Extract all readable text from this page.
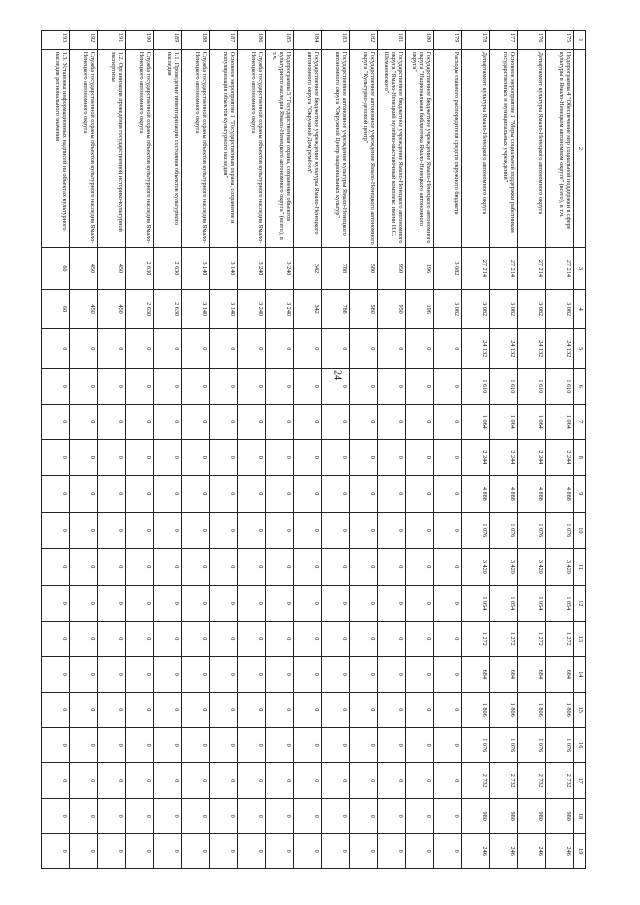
24
1	2	3	4	5	6	7	8	9	10	11	12	13	14	15	16	17	18	19
175	Подпрограмма 4 "Обеспечение мер социальной поддержки в сфере культуры в Ямало-Ненецком автономном округе" (всего), в т.ч.	27 214	3 082	24 132	1 610	1 064	2 244	4 888	1 076	3 420	1 054	1 272	684	1 806	1 076	2 732	980	246
176	Департамент культуры Ямало-Ненецкого автономного округа	27 214	3 082	24 132	1 610	1 064	2 244	4 888	1 076	3 420	1 054	1 272	684	1 806	1 076	2 732	980	246
177	Основное мероприятие 1 "Меры социальной поддержки работникам государственных и муниципальных учреждений"	27 214	3 082	24 132	1 610	1 064	2 244	4 888	1 076	3 420	1 054	1 272	684	1 806	1 076	2 732	980	246
178	Департамент культуры Ямало-Ненецкого автономного округа	27 214	3 082	24 132	1 610	1 064	2 244	4 888	1 076	3 420	1 054	1 272	684	1 806	1 076	2 732	980	246
179	Расходы главного распорядителя средств окружного бюджета	3 082	3 082	0	0	0	0	0	0	0	0	0	0	0	0	0	0	0
180	Государственное бюджетное учреждение Ямало-Ненецкого автономного округа "Национальная библиотека Ямало-Ненецкого автономного округа"	196	196	0	0	0	0	0	0	0	0	0	0	0	0	0	0	0
181	Государственное бюджетное учреждение Ямало-Ненецкого автономного округа "Ямало-Ненецкий музейно-выставочный комплекс имени И.С. Шемановского"	950	950	0	0	0	0	0	0	0	0	0	0	0	0	0	0	0
182	Государственное автономное учреждение Ямало-Ненецкого автономного округа "Культурно-деловой центр"	580	580	0	0	0	0	0	0	0	0	0	0	0	0	0	0	0
183	Государственное автономное учреждение культуры Ямало-Ненецкого автономного округа "Окружной Центр национальных культур"	788	788	0	0	0	0	0	0	0	0	0	0	0	0	0	0	0
184	Государственное бюджетное учреждение культуры Ямало-Ненецкого автономного округа "Окружной Дом ремёсел"	342	342	0	0	0	0	0	0	0	0	0	0	0	0	0	0	0
185	Подпрограмма 5 "Государственная охрана, сохранение объектов культурного наследия Ямало-Ненецкого автономного округа" (всего), в т.ч.	3 240	3 240	0	0	0	0	0	0	0	0	0	0	0	0	0	0	0
186	Служба государственной охраны объектов культурного наследия Ямало-Ненецкого автономного округа	3 240	3 240	0	0	0	0	0	0	0	0	0	0	0	0	0	0	0
187	Основное мероприятие 1 "Государственная охрана, сохранение и популяризация объектов культурного наследия"	3 140	3 140	0	0	0	0	0	0	0	0	0	0	0	0	0	0	0
188	Служба государственной охраны объектов культурного наследия Ямало-Ненецкого автономного округа	3 140	3 140	0	0	0	0	0	0	0	0	0	0	0	0	0	0	0
189	1.1. Проведение инвентаризации состояния объектов культурного наследия	2 630	2 630	0	0	0	0	0	0	0	0	0	0	0	0	0	0	0
190	Служба государственной охраны объектов культурного наследия Ямало-Ненецкого автономного округа	2 630	2 630	0	0	0	0	0	0	0	0	0	0	0	0	0	0	0
191	1.2. Организация проведения государственной историко-культурной экспертизы	450	450	0	0	0	0	0	0	0	0	0	0	0	0	0	0	0
192	Служба государственной охраны объектов культурного наследия Ямало-Ненецкого автономного округа	450	450	0	0	0	0	0	0	0	0	0	0	0	0	0	0	0
193	1.3. Установка информационных надписей на объектах культурного наследия регионального значения	60	60	0	0	0	0	0	0	0	0	0	0	0	0	0	0	0
